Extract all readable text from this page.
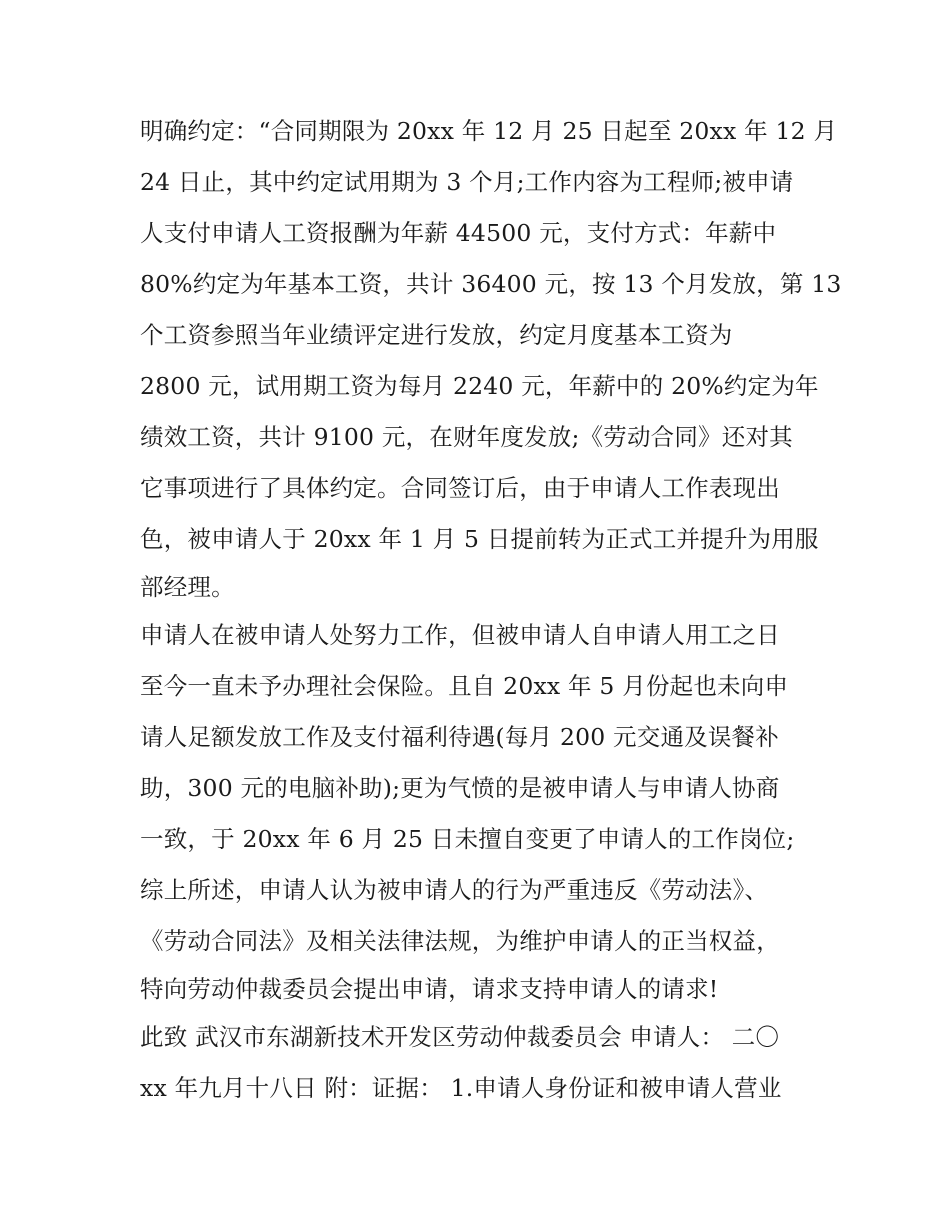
明确约定：“合同期限为 20xx 年 12 月 25 日起至 20xx 年 12 月
24 日止，其中约定试用期为 3 个月;工作内容为工程师;被申请
人支付申请人工资报酬为年薪 44500 元，支付方式：年薪中
80%约定为年基本工资，共计 36400 元，按 13 个月发放，第 13
个工资参照当年业绩评定进行发放，约定月度基本工资为
2800 元，试用期工资为每月 2240 元，年薪中的 20%约定为年
绩效工资，共计 9100 元，在财年度发放;《劳动合同》还对其
它事项进行了具体约定。合同签订后，由于申请人工作表现出
色，被申请人于 20xx 年 1 月 5 日提前转为正式工并提升为用服
部经理。
申请人在被申请人处努力工作，但被申请人自申请人用工之日
至今一直未予办理社会保险。且自 20xx 年 5 月份起也未向申
请人足额发放工作及支付福利待遇(每月 200 元交通及误餐补
助，300 元的电脑补助);更为气愤的是被申请人与申请人协商
一致，于 20xx 年 6 月 25 日未擅自变更了申请人的工作岗位;
综上所述，申请人认为被申请人的行为严重违反《劳动法》、
《劳动合同法》及相关法律法规，为维护申请人的正当权益，
特向劳动仲裁委员会提出申请，请求支持申请人的请求!
此致 武汉市东湖新技术开发区劳动仲裁委员会 申请人： 二〇
xx 年九月十八日 附：证据： 1.申请人身份证和被申请人营业
